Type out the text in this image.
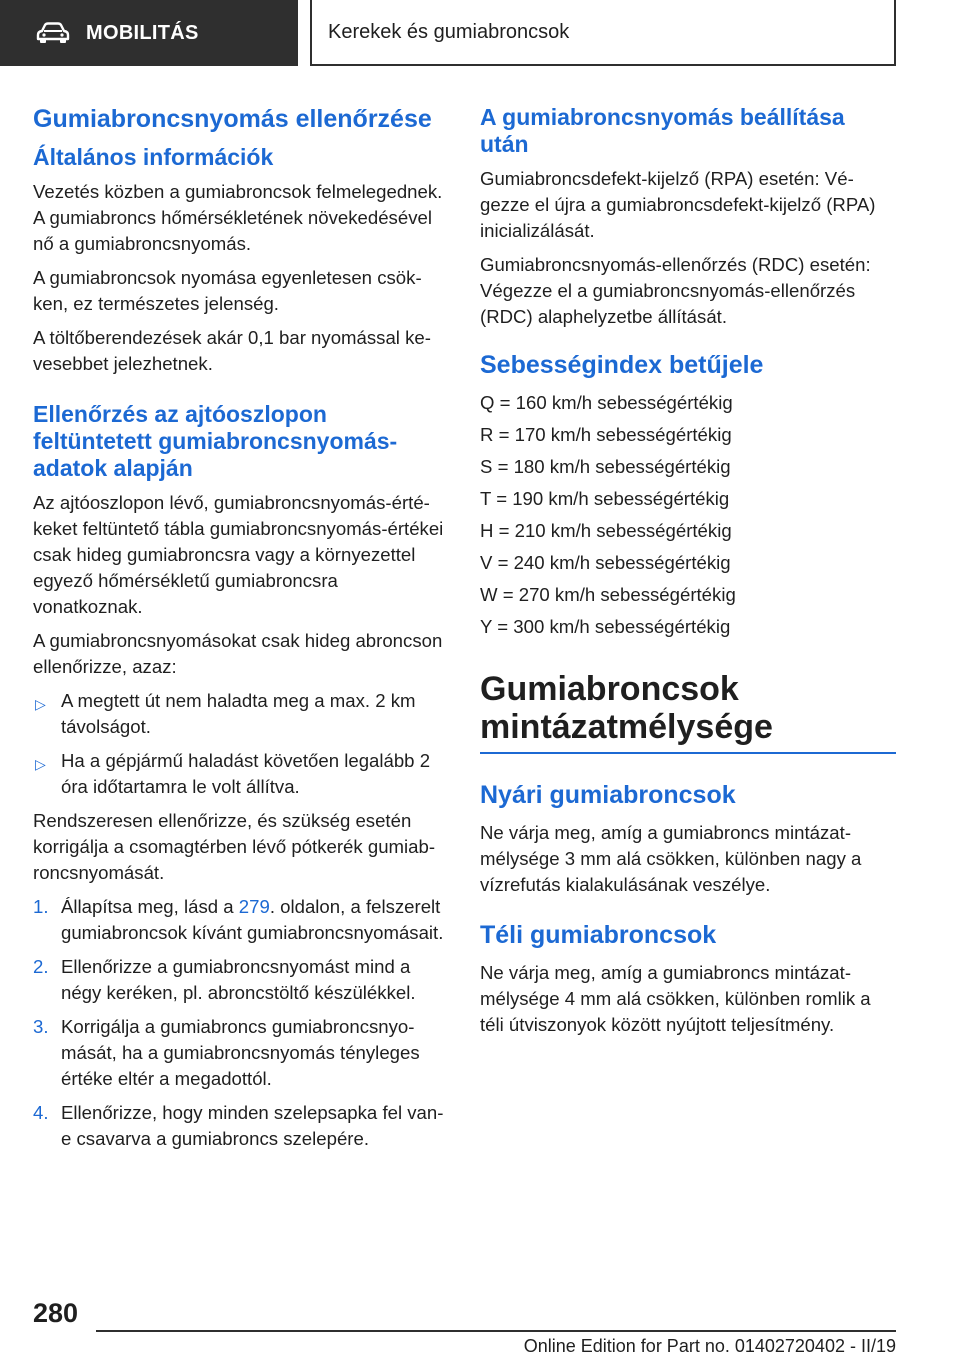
MOBILITÁS	Kerekek és gumiabroncsok
Gumiabroncsnyomás ellenőrzése
Általános információk

Vezetés közben a gumiabroncsok felmelegednek. A gumiabroncs hőmérsékletének növekedésével nő a gumiabroncsnyomás.

A gumiabroncsok nyomása egyenletesen csökken, ez természetes jelenség.

A töltőberendezések akár 0,1 bar nyomással kevesebbet jelezhetnek.

Ellenőrzés az ajtóoszlopon feltüntetett gumiabroncsnyomásadatok alapján

Az ajtóoszlopon lévő, gumiabroncsnyomás-értékeket feltüntető tábla gumiabroncsnyomás-értékei csak hideg gumiabroncsra vagy a környezettel egyező hőmérsékletű gumiabroncsra vonatkoznak.

A gumiabroncsnyomásokat csak hideg abroncson ellenőrizze, azaz:

▷ A megtett út nem haladta meg a max. 2 km távolságot.
▷ Ha a gépjármű haladást követően legalább 2 óra időtartamra le volt állítva.

Rendszeresen ellenőrizze, és szükség esetén korrigálja a csomagtérben lévő pótkerék gumiabroncsnyomását.

1. Állapítsa meg, lásd a 279. oldalon, a felszerelt gumiabroncsok kívánt gumiabroncsnyomásait.
2. Ellenőrizze a gumiabroncsnyomást mind a négy keréken, pl. abroncstöltő készülékkel.
3. Korrigálja a gumiabroncs gumiabroncsnyomását, ha a gumiabroncsnyomás tényleges értéke eltér a megadottól.
4. Ellenőrizze, hogy minden szelepsapka fel van-e csavarva a gumiabroncs szelepére.
A gumiabroncsnyomás beállítása után

Gumiabroncsdefekt-kijelző (RPA) esetén: Végezze el újra a gumiabroncsdefekt-kijelző (RPA) inicializálását.

Gumiabroncsnyomás-ellenőrzés (RDC) esetén: Végezze el a gumiabroncsnyomás-ellenőrzés (RDC) alaphelyzetbe állítását.

Sebességindex betűjele

Q = 160 km/h sebességértékig

R = 170 km/h sebességértékig

S = 180 km/h sebességértékig

T = 190 km/h sebességértékig

H = 210 km/h sebességértékig

V = 240 km/h sebességértékig

W = 270 km/h sebességértékig

Y = 300 km/h sebességértékig

Gumiabroncsok mintázatmélysége
Nyári gumiabroncsok

Ne várja meg, amíg a gumiabroncs mintázatmélysége 3 mm alá csökken, különben nagy a vízrefutás kialakulásának veszélye.

Téli gumiabroncsok

Ne várja meg, amíg a gumiabroncs mintázatmélysége 4 mm alá csökken, különben romlik a téli útviszonyok között nyújtott teljesítmény.

280
Online Edition for Part no. 01402720402 - II/19
